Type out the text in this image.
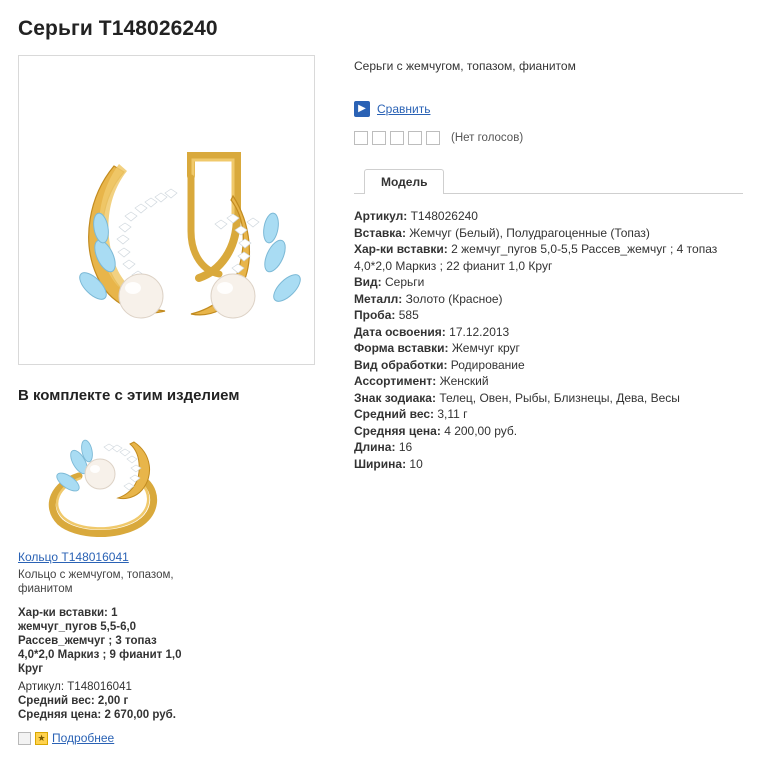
Серьги T148026240
В комплекте с этим изделием
Кольцо T148016041
Кольцо с жемчугом, топазом, фианитом
Хар-ки вставки: 1 жемчуг_пугов 5,5-6,0 Рассев_жемчуг ; 3 топаз 4,0*2,0 Маркиз ; 9 фианит 1,0 Круг
Артикул: T148016041
Средний вес: 2,00 г
Средняя цена: 2 670,00 руб.
★ Подробнее
Серьги с жемчугом, топазом, фианитом
▶ Сравнить
(Нет голосов)
Модель
Артикул: T148026240
Вставка: Жемчуг (Белый), Полудрагоценные (Топаз)
Хар-ки вставки: 2 жемчуг_пугов 5,0-5,5 Рассев_жемчуг ; 4 топаз 4,0*2,0 Маркиз ; 22 фианит 1,0 Круг
Вид: Серьги
Металл: Золото (Красное)
Проба: 585
Дата освоения: 17.12.2013
Форма вставки: Жемчуг круг
Вид обработки: Родирование
Ассортимент: Женский
Знак зодиака: Телец, Овен, Рыбы, Близнецы, Дева, Весы
Средний вес: 3,11 г
Средняя цена: 4 200,00 руб.
Длина: 16
Ширина: 10
